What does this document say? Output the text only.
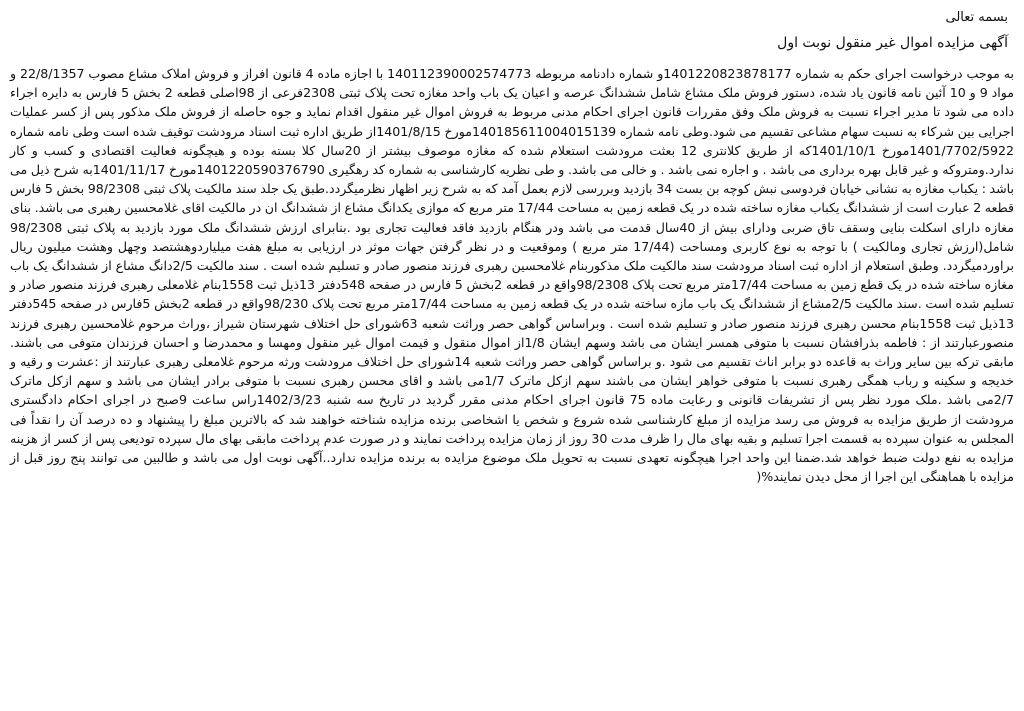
بسمه تعالی

آگهی مزایده اموال غیر منقول نوبت اول

به موجب درخواست اجرای حکم به شماره 1401220823878177و شماره دادنامه مربوطه 14011239000257477‌3 با اجازه ماده 4 قانون افراز و فروش املاک مشاع مصوب 22/8/1357 و مواد 9 و 10 آئین نامه قانون یاد شده، دستور فروش ملک مشاع شامل ششدانگ عرصه و اعیان یک باب واحد مغازه تحت پلاک ثبتی 2308فرعی از 98اصلی قطعه 2 بخش 5 فارس به دایره اجراء داده می شود تا مدیر اجراء نسبت به فروش ملک وفق مقررات قانون اجرای احکام مدنی مربوط به فروش اموال غیر منقول اقدام نماید و جوه حاصله از فروش ملک مذکور پس از کسر عملیات اجرایی بین شرکاء به نسبت سهام مشاعی تقسیم می شود.وطی نامه شماره 140185611004015139مورخ 1401/8/15از طریق اداره ثبت اسناد مرودشت توقیف شده است وطی نامه شماره 1401/7702/5922مورخ 1401/10/1که از طریق کلانتری 12 بعثت مرودشت استعلام شده که مغازه موصوف بیشتر از 20سال کلا بسته بوده و هیچگونه فعالیت اقتصادی و کسب و کار ندارد.ومتروکه و غیر قابل بهره برداری می باشد . و اجاره نمی باشد . و خالی می باشد. و طی نظریه کارشناسی به شماره کد رهگیری 1401220590376790مورخ 1401/11/17به شرح ذیل می باشد : یکباب مغازه به نشانی خیابان فردوسی نبش کوچه بن بست 34 بازدید وبررسی لازم بعمل آمد که به شرح زیر اظهار نظرمیگردد.طبق یک جلد سند مالکیت پلاک ثبتی 98/2308 بخش 5 فارس قطعه 2 عبارت است از ششدانگ یکباب مغازه ساخته شده در یک قطعه زمین به مساحت 17/44 متر مربع که موازی یکدانگ مشاع از ششدانگ ان در مالکیت اقای غلامحسین رهبری می باشد. بنای مغازه دارای اسکلت بنایی وسقف تاق ضربی ودارای بیش از 40سال قدمت می باشد ودر هنگام بازدید فاقد فعالیت تجاری بود .بنابرای ارزش ششدانگ ملک مورد بازدید به پلاک ثبتی 98/2308 شامل(ارزش تجاری ومالکیت ) با توجه به نوع کاربری ومساحت (17/44 متر مربع ) وموقعیت و در نظر گرفتن جهات موثر در ارزیابی به مبلغ هفت میلیاردوهشتصد وچهل وهشت میلیون ریال براوردمیگردد. وطبق استعلام از اداره ثبت اسناد مرودشت سند مالکیت ملک مذکوربنام غلامحسین رهبری فرزند منصور صادر و تسلیم شده است . سند مالکیت 2/5دانگ مشاع از ششدانگ یک باب مغازه ساخته شده در یک قطع زمین به مساحت 17/44متر مربع تحت پلاک 98/2308واقع در قطعه 2بخش 5 فارس در صفحه 548دفتر 13ذیل ثبت 1558بنام غلامعلی رهبری فرزند منصور صادر و تسلیم شده است .سند مالکیت 2/5مشاع از ششدانگ یک باب مازه ساخته شده در یک قطعه زمین به مساحت 17/44متر مربع تحت پلاک 98/230واقع در قطعه 2بخش 5فارس در صفحه 545دفتر 13ذیل ثبت 1558بنام محسن رهبری فرزند منصور صادر و تسلیم شده است . وبراساس گواهی حصر وراثت شعبه 63شورای حل اختلاف شهرستان شیراز ،وراث مرحوم غلامحسین رهبری فرزند منصورعبارتند از : فاطمه بذرافشان نسبت با متوفی همسر ایشان می باشد وسهم ایشان 1/8از اموال منقول و قیمت اموال غیر منقول ومهسا و محمدرضا و احسان فرزندان متوفی می باشند. مابقی ترکه بین سایر وراث به قاعده دو برابر اناث تقسیم می شود .و براساس گواهی حصر وراثت شعبه 14شورای حل اختلاف مرودشت ورثه مرحوم غلامعلی رهبری عبارتند از :عشرت و رقیه و خدیجه و سکینه و رباب همگی رهبری نسبت با متوفی خواهر ایشان می باشند سهم ازکل ماترک 1/7می باشد و اقای محسن رهبری نسبت با متوفی برادر ایشان می باشد و سهم ازکل ماترک 2/7می باشد .ملک مورد نظر پس از تشریفات قانونی و رعایت ماده 75 قانون اجرای احکام مدنی مقرر گردید در تاریخ سه شنبه 1402/3/23راس ساعت 9صبح در اجرای احکام دادگستری مرودشت از طریق مزایده به فروش می رسد مزایده از مبلغ کارشناسی شده شروع و شخص یا اشخاصی برنده مزایده شناخته خواهند شد که بالاترین مبلغ را پیشنهاد و ده درصد آن را نقداً فی المجلس به عنوان سپرده به قسمت اجرا تسلیم و بقیه بهای مال را ظرف مدت 30 روز از زمان مزایده پرداخت نمایند و در صورت عدم پرداخت مابقی بهای مال سپرده تودیعی پس از کسر از هزینه مزایده به نفع دولت ضبط خواهد شد.ضمنا این واحد اجرا هیچگونه تعهدی نسبت به تحویل ملک موضوع مزایده به برنده مزایده ندارد..آگهی نوبت اول می باشد و طالبین می توانند پنج روز قبل از مزایده با هماهنگی این اجرا از محل دیدن نمایند%(
